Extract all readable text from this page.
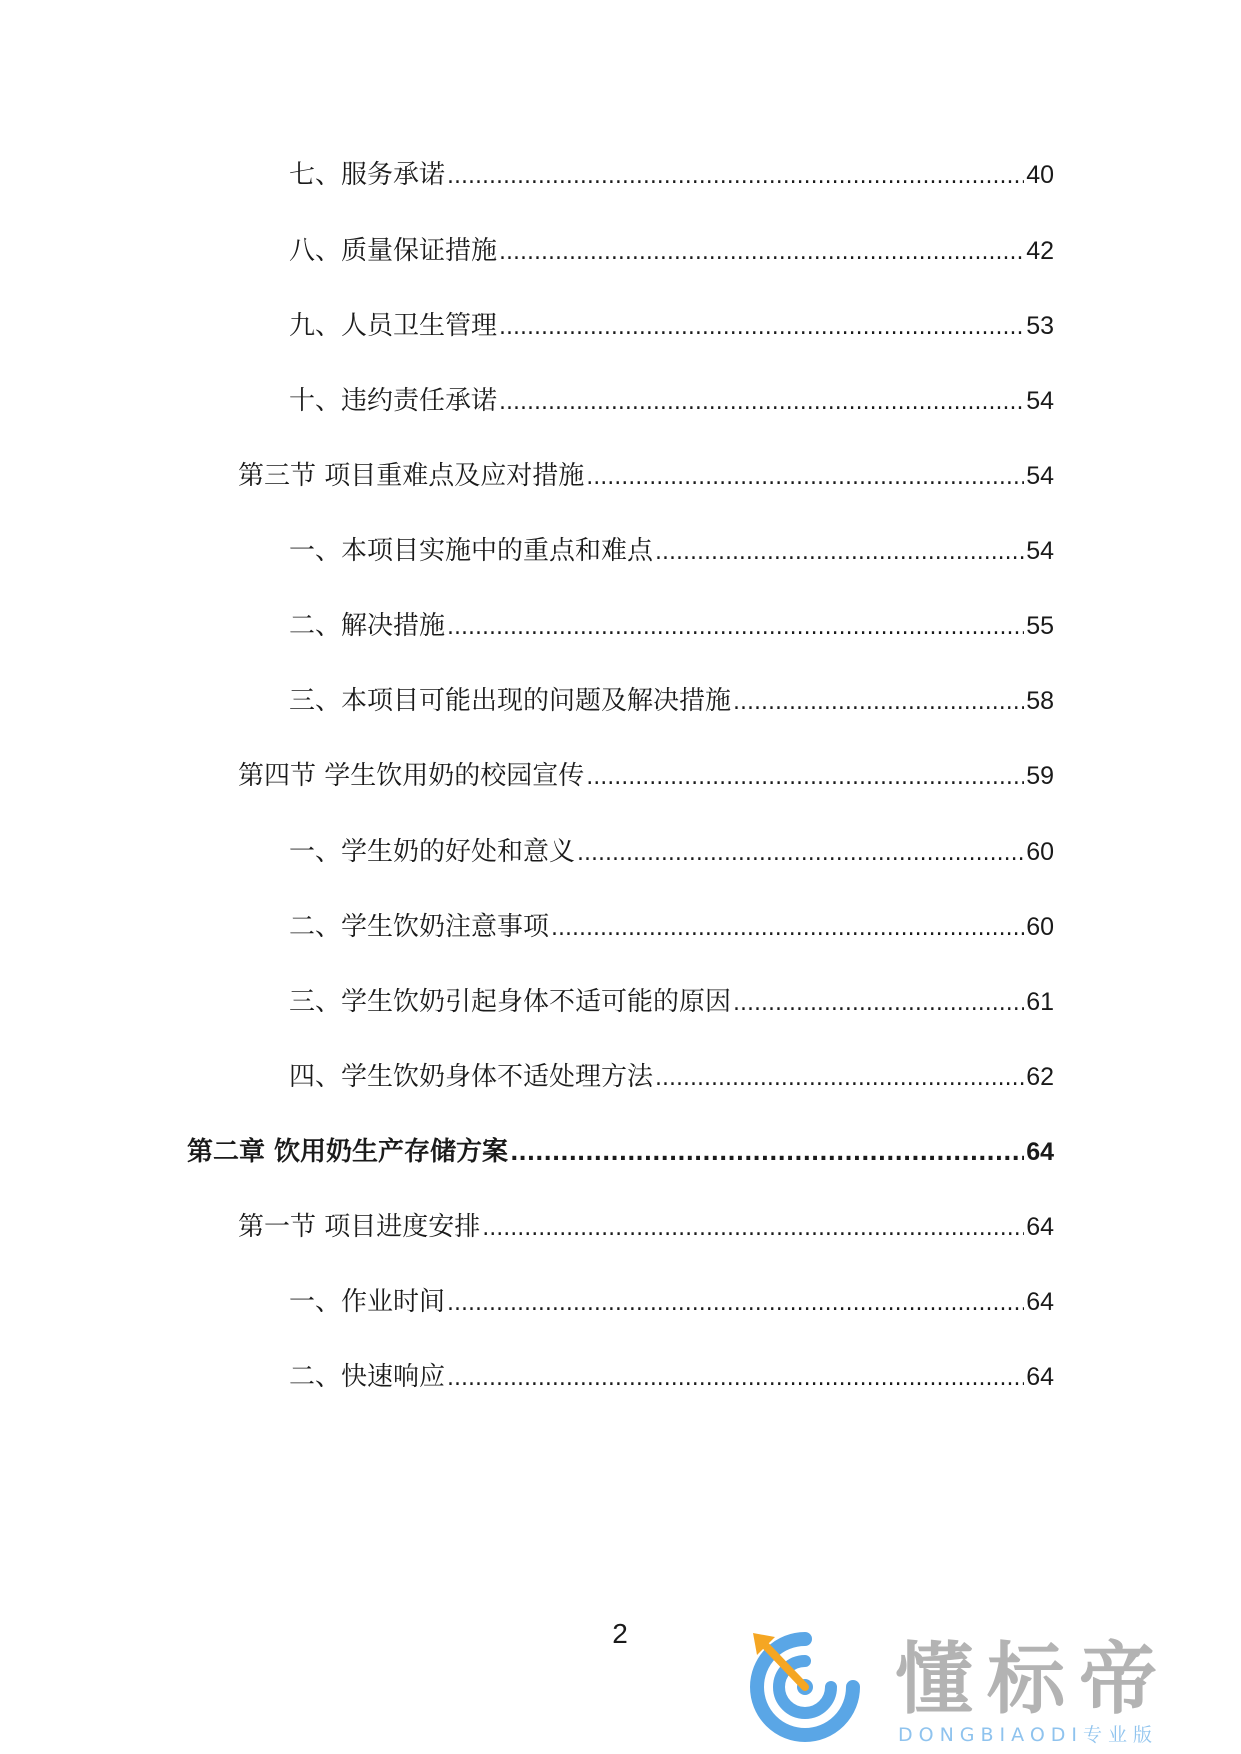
七、服务承诺 .....	40
八、质量保证措施 .....	42
九、人员卫生管理 .....	53
十、违约责任承诺 .....	54
第三节 项目重难点及应对措施 .....	54
一、本项目实施中的重点和难点 .....	54
二、解决措施 .....	55
三、本项目可能出现的问题及解决措施 .....	58
第四节 学生饮用奶的校园宣传 .....	59
一、学生奶的好处和意义 .....	60
二、学生饮奶注意事项 .....	60
三、学生饮奶引起身体不适可能的原因 .....	61
四、学生饮奶身体不适处理方法 .....	62
第二章 饮用奶生产存储方案 .....	64
第一节 项目进度安排 .....	64
一、作业时间 .....	64
二、快速响应 .....	64
2
懂标帝
DONGBIAODI专业版
